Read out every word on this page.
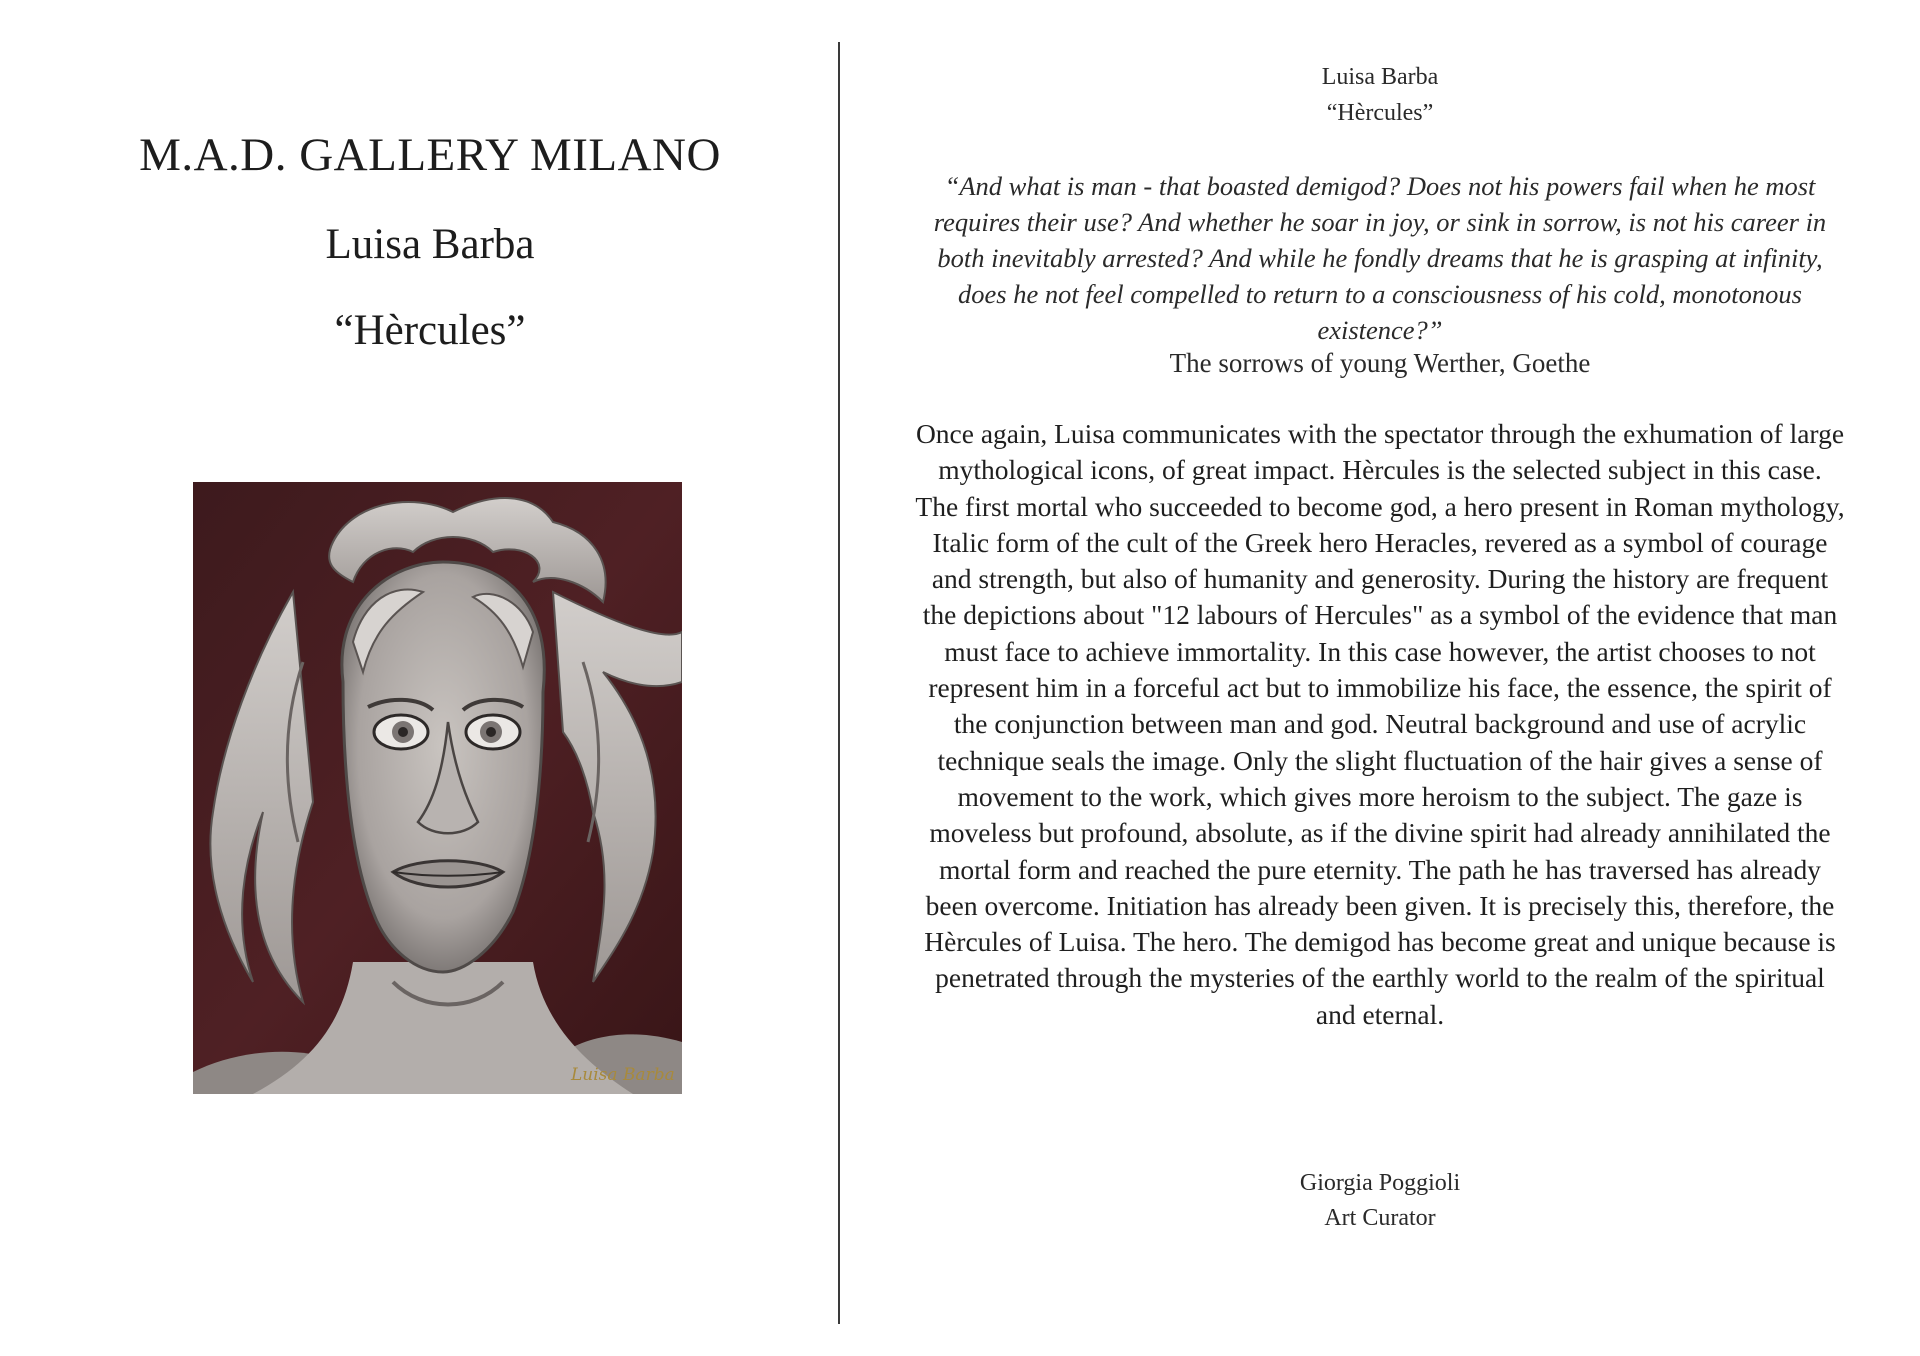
M.A.D. GALLERY MILANO
Luisa Barba
“Hèrcules”
Luisa Barba
Luisa Barba
“Hèrcules”
“And what is man - that boasted demigod? Does not his powers fail when he most requires their use? And whether he soar in joy, or sink in sorrow, is not his career in both inevitably arrested? And while he fondly dreams that he is grasping at infinity, does he not feel compelled to return to a consciousness of his cold, monotonous existence?”
The sorrows of young Werther, Goethe
Once again, Luisa communicates with the spectator through the exhumation of large mythological icons, of great impact. Hèrcules is the selected subject in this case. The first mortal who succeeded to become god, a hero present in Roman mythology, Italic form of the cult of the Greek hero Heracles, revered as a symbol of courage and strength, but also of humanity and generosity. During the history are frequent the depictions about "12 labours of Hercules" as a symbol of the evidence that man must face to achieve immortality. In this case however, the artist chooses to not represent him in a forceful act but to immobilize his face, the essence, the spirit of the conjunction between man and god. Neutral background and use of acrylic technique seals the image. Only the slight fluctuation of the hair gives a sense of movement to the work, which gives more heroism to the subject. The gaze is moveless but profound, absolute, as if the divine spirit had already annihilated the mortal form and reached the pure eternity. The path he has traversed has already been overcome. Initiation has already been given. It is precisely this, therefore, the Hèrcules of Luisa. The hero. The demigod has become great and unique because is penetrated through the mysteries of the earthly world to the realm of the spiritual and eternal.
Giorgia Poggioli
Art Curator
